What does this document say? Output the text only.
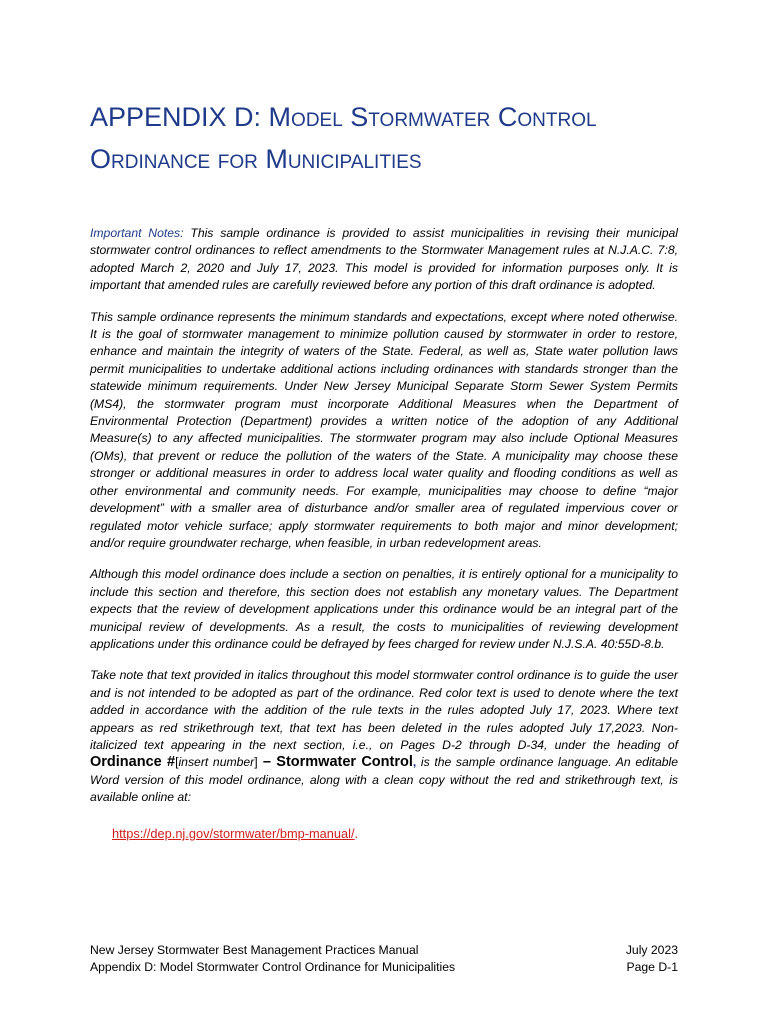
APPENDIX D: Model Stormwater Control
Ordinance for Municipalities

Important Notes: This sample ordinance is provided to assist municipalities in revising their municipal stormwater control ordinances to reflect amendments to the Stormwater Management rules at N.J.A.C. 7:8, adopted March 2, 2020 and July 17, 2023. This model is provided for information purposes only. It is important that amended rules are carefully reviewed before any portion of this draft ordinance is adopted.

This sample ordinance represents the minimum standards and expectations, except where noted otherwise. It is the goal of stormwater management to minimize pollution caused by stormwater in order to restore, enhance and maintain the integrity of waters of the State. Federal, as well as, State water pollution laws permit municipalities to undertake additional actions including ordinances with standards stronger than the statewide minimum requirements. Under New Jersey Municipal Separate Storm Sewer System Permits (MS4), the stormwater program must incorporate Additional Measures when the Department of Environmental Protection (Department) provides a written notice of the adoption of any Additional Measure(s) to any affected municipalities. The stormwater program may also include Optional Measures (OMs), that prevent or reduce the pollution of the waters of the State. A municipality may choose these stronger or additional measures in order to address local water quality and flooding conditions as well as other environmental and community needs. For example, municipalities may choose to define “major development” with a smaller area of disturbance and/or smaller area of regulated impervious cover or regulated motor vehicle surface; apply stormwater requirements to both major and minor development; and/or require groundwater recharge, when feasible, in urban redevelopment areas.

Although this model ordinance does include a section on penalties, it is entirely optional for a municipality to include this section and therefore, this section does not establish any monetary values. The Department expects that the review of development applications under this ordinance would be an integral part of the municipal review of developments. As a result, the costs to municipalities of reviewing development applications under this ordinance could be defrayed by fees charged for review under N.J.S.A. 40:55D-8.b.

Take note that text provided in italics throughout this model stormwater control ordinance is to guide the user and is not intended to be adopted as part of the ordinance. Red color text is used to denote where the text added in accordance with the addition of the rule texts in the rules adopted July 17, 2023. Where text appears as red strikethrough text, that text has been deleted in the rules adopted July 17,2023. Non-italicized text appearing in the next section, i.e., on Pages D-2 through D-34, under the heading of Ordinance #[insert number] – Stormwater Control, is the sample ordinance language. An editable Word version of this model ordinance, along with a clean copy without the red and strikethrough text, is available online at:

https://dep.nj.gov/stormwater/bmp-manual/.
New Jersey Stormwater Best Management Practices Manual	July 2023
Appendix D: Model Stormwater Control Ordinance for Municipalities	Page D-1
